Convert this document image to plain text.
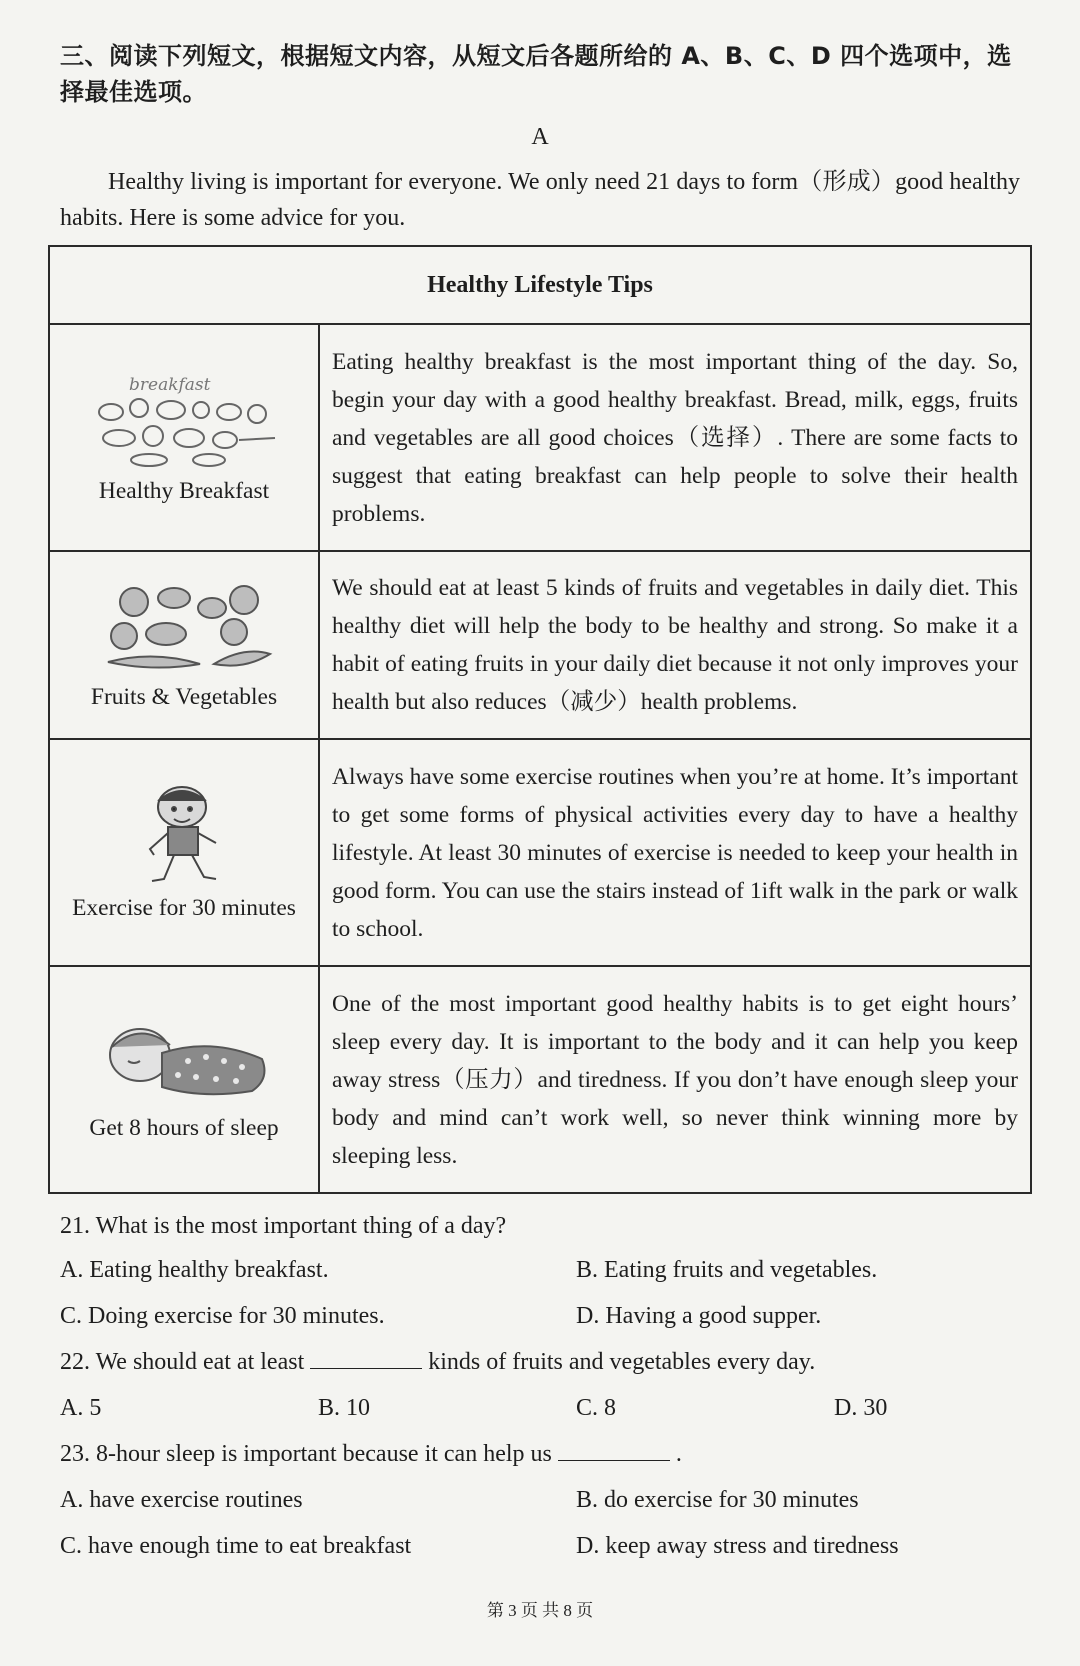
三、阅读下列短文，根据短文内容，从短文后各题所给的 A、B、C、D 四个选项中，选择最佳选项。
A
Healthy living is important for everyone. We only need 21 days to form（形成）good healthy habits. Here is some advice for you.
Healthy Lifestyle Tips	

breakfast
Healthy Breakfast	Eating healthy breakfast is the most important thing of the day. So, begin your day with a good healthy breakfast. Bread, milk, eggs, fruits and vegetables are all good choices（选择）. There are some facts to suggest that eating breakfast can help people to solve their health problems.

Fruits & Vegetables	We should eat at least 5 kinds of fruits and vegetables in daily diet. This healthy diet will help the body to be healthy and strong. So make it a habit of eating fruits in your daily diet because it not only improves your health but also reduces（减少）health problems.

Exercise for 30 minutes	Always have some exercise routines when you’re at home. It’s important to get some forms of physical activities every day to have a healthy lifestyle. At least 30 minutes of exercise is needed to keep your health in good form. You can use the stairs instead of 1ift walk in the park or walk to school.

Get 8 hours of sleep	One of the most important good healthy habits is to get eight hours’ sleep every day. It is important to the body and it can help you keep away stress（压力）and tiredness. If you don’t have enough sleep your body and mind can’t work well, so never think winning more by sleeping less.
21. What is the most important thing of a day?
A. Eating healthy breakfast.	B. Eating fruits and vegetables.
C. Doing exercise for 30 minutes.	D. Having a good supper.
22. We should eat at least	kinds of fruits and vegetables every day.
A. 5	B. 10	C. 8	D. 30
23. 8-hour sleep is important because it can help us	.
A. have exercise routines	B. do exercise for 30 minutes
C. have enough time to eat breakfast	D. keep away stress and tiredness
第 3 页 共 8 页
